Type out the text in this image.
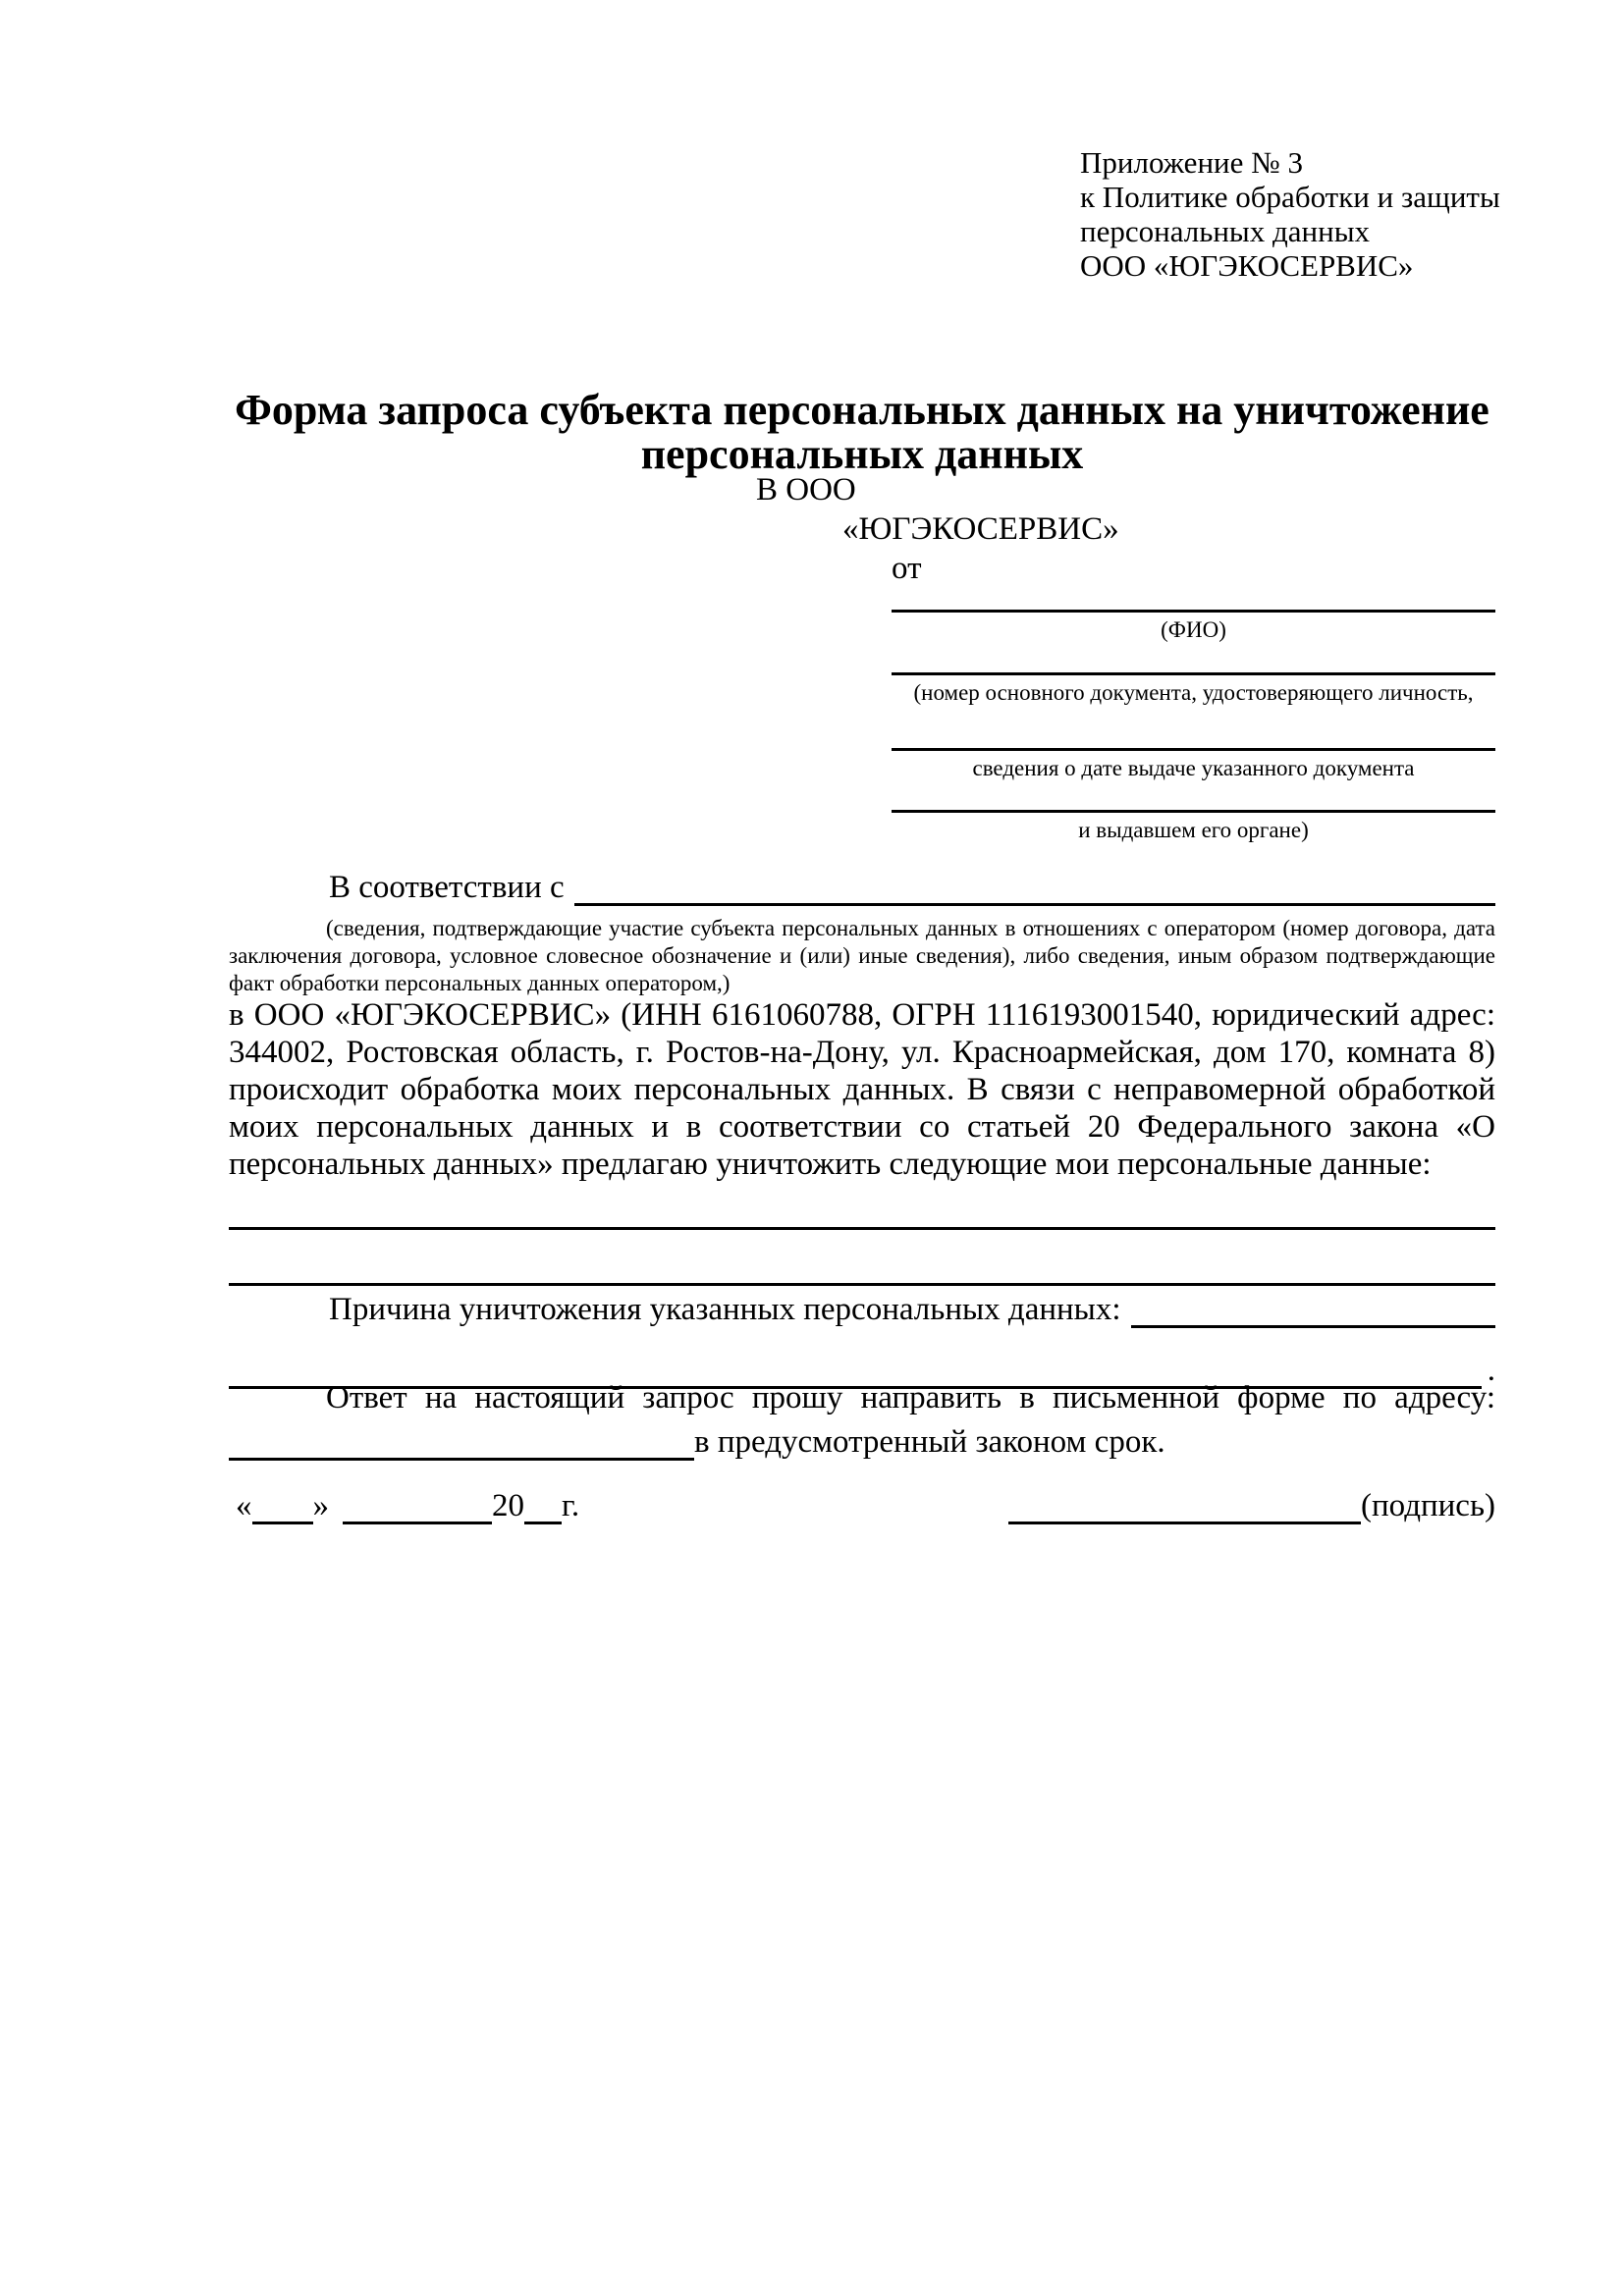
Приложение № 3
к Политике обработки и защиты
персональных данных
ООО «ЮГЭКОСЕРВИС»
Форма запроса субъекта персональных данных на уничтожение персональных данных
В ООО
«ЮГЭКОСЕРВИС»
от
(ФИО)
(номер основного документа, удостоверяющего личность,
сведения о дате выдаче указанного документа
и выдавшем его органе)
В соответствии с
(сведения, подтверждающие участие субъекта персональных данных в отношениях с оператором (номер договора, дата заключения договора, условное словесное обозначение и (или) иные сведения), либо сведения, иным образом подтверждающие факт обработки персональных данных оператором,)
в ООО «ЮГЭКОСЕРВИС» (ИНН 6161060788, ОГРН 1116193001540, юридический адрес: 344002, Ростовская область, г. Ростов-на-Дону, ул. Красноармейская, дом 170, комната 8) происходит обработка моих персональных данных. В связи с неправомерной обработкой моих персональных данных и в соответствии со статьей 20 Федерального закона «О персональных данных» предлагаю уничтожить следующие мои персональные данные:
Причина уничтожения указанных персональных данных:
.
Ответ на настоящий запрос прошу направить в письменной форме по адресу:
в предусмотренный законом срок.
« »	20 г.	(подпись)
